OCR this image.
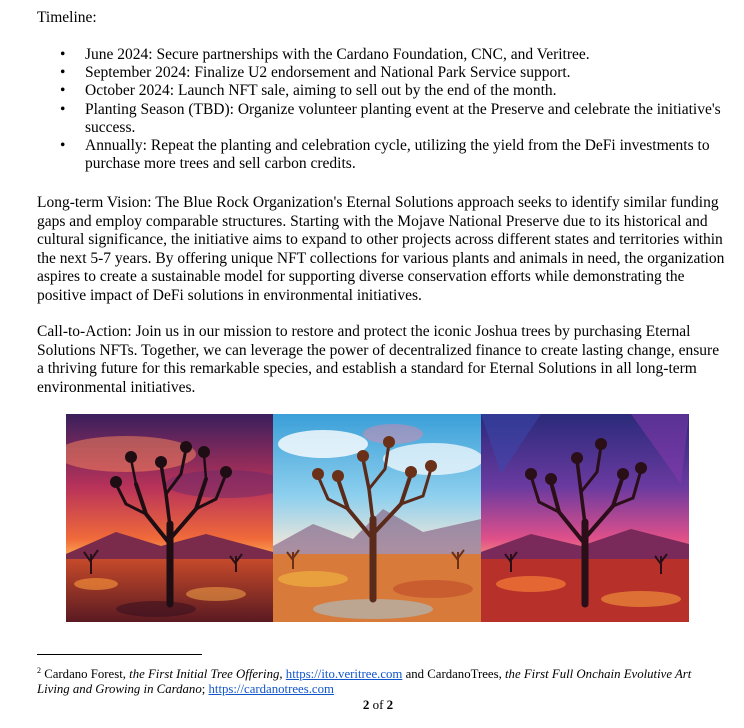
Timeline:
• June 2024: Secure partnerships with the Cardano Foundation, CNC, and Veritree.
• September 2024: Finalize U2 endorsement and National Park Service support.
• October 2024: Launch NFT sale, aiming to sell out by the end of the month.
• Planting Season (TBD): Organize volunteer planting event at the Preserve and celebrate the initiative's success.
• Annually: Repeat the planting and celebration cycle, utilizing the yield from the DeFi investments to purchase more trees and sell carbon credits.

Long-term Vision: The Blue Rock Organization's Eternal Solutions approach seeks to identify similar funding gaps and employ comparable structures. Starting with the Mojave National Preserve due to its historical and cultural significance, the initiative aims to expand to other projects across different states and territories within the next 5-7 years. By offering unique NFT collections for various plants and animals in need, the organization aspires to create a sustainable model for supporting diverse conservation efforts while demonstrating the positive impact of DeFi solutions in environmental initiatives.

Call-to-Action: Join us in our mission to restore and protect the iconic Joshua trees by purchasing Eternal Solutions NFTs. Together, we can leverage the power of decentralized finance to create lasting change, ensure a thriving future for this remarkable species, and establish a standard for Eternal Solutions in all long-term environmental initiatives.

$^2$ Cardano Forest, the First Initial Tree Offering, https://ito.veritree.com and CardanoTrees, the First Full Onchain Evolutive Art Living and Growing in Cardano; https://cardanotrees.com
2 of 2
